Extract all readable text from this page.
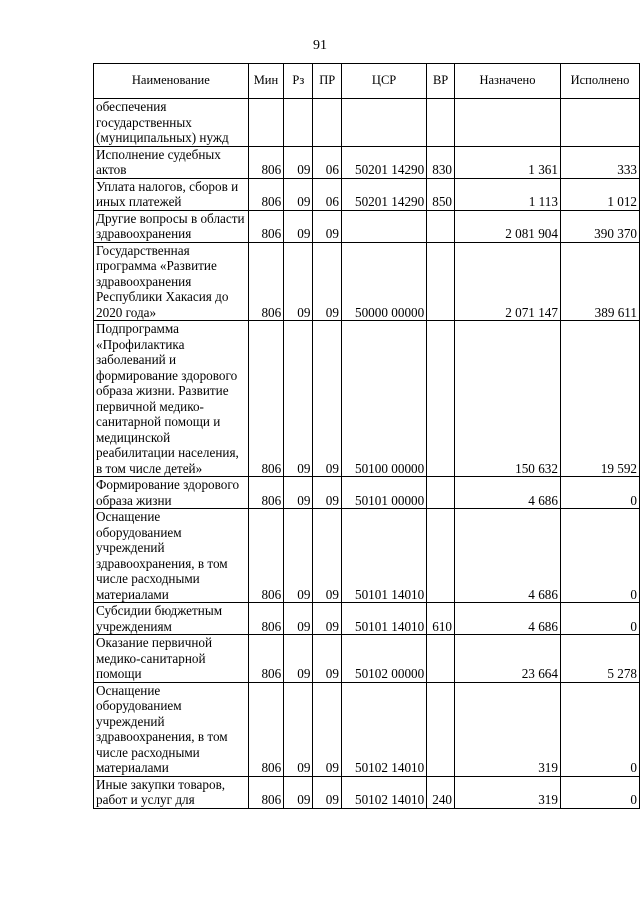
91
Наименование	Мин	Рз	ПР	ЦСР	ВР	Назначено	Исполнено
обеспечения государственных (муниципальных) нужд							
Исполнение судебных актов	806	09	06	50201 14290	830	1 361	333
Уплата налогов, сборов и иных платежей	806	09	06	50201 14290	850	1 113	1 012
Другие вопросы в области здравоохранения	806	09	09			2 081 904	390 370
Государственная программа «Развитие здравоохранения Республики Хакасия до 2020 года»	806	09	09	50000 00000		2 071 147	389 611
Подпрограмма «Профилактика заболеваний и формирование здорового образа жизни. Развитие первичной медико-санитарной помощи и медицинской реабилитации населения, в том числе детей»	806	09	09	50100 00000		150 632	19 592
Формирование здорового образа жизни	806	09	09	50101 00000		4 686	0
Оснащение оборудованием учреждений здравоохранения, в том числе расходными материалами	806	09	09	50101 14010		4 686	0
Субсидии бюджетным учреждениям	806	09	09	50101 14010	610	4 686	0
Оказание первичной медико-санитарной помощи	806	09	09	50102 00000		23 664	5 278
Оснащение оборудованием учреждений здравоохранения, в том числе расходными материалами	806	09	09	50102 14010		319	0
Иные закупки товаров, работ и услуг для	806	09	09	50102 14010	240	319	0
